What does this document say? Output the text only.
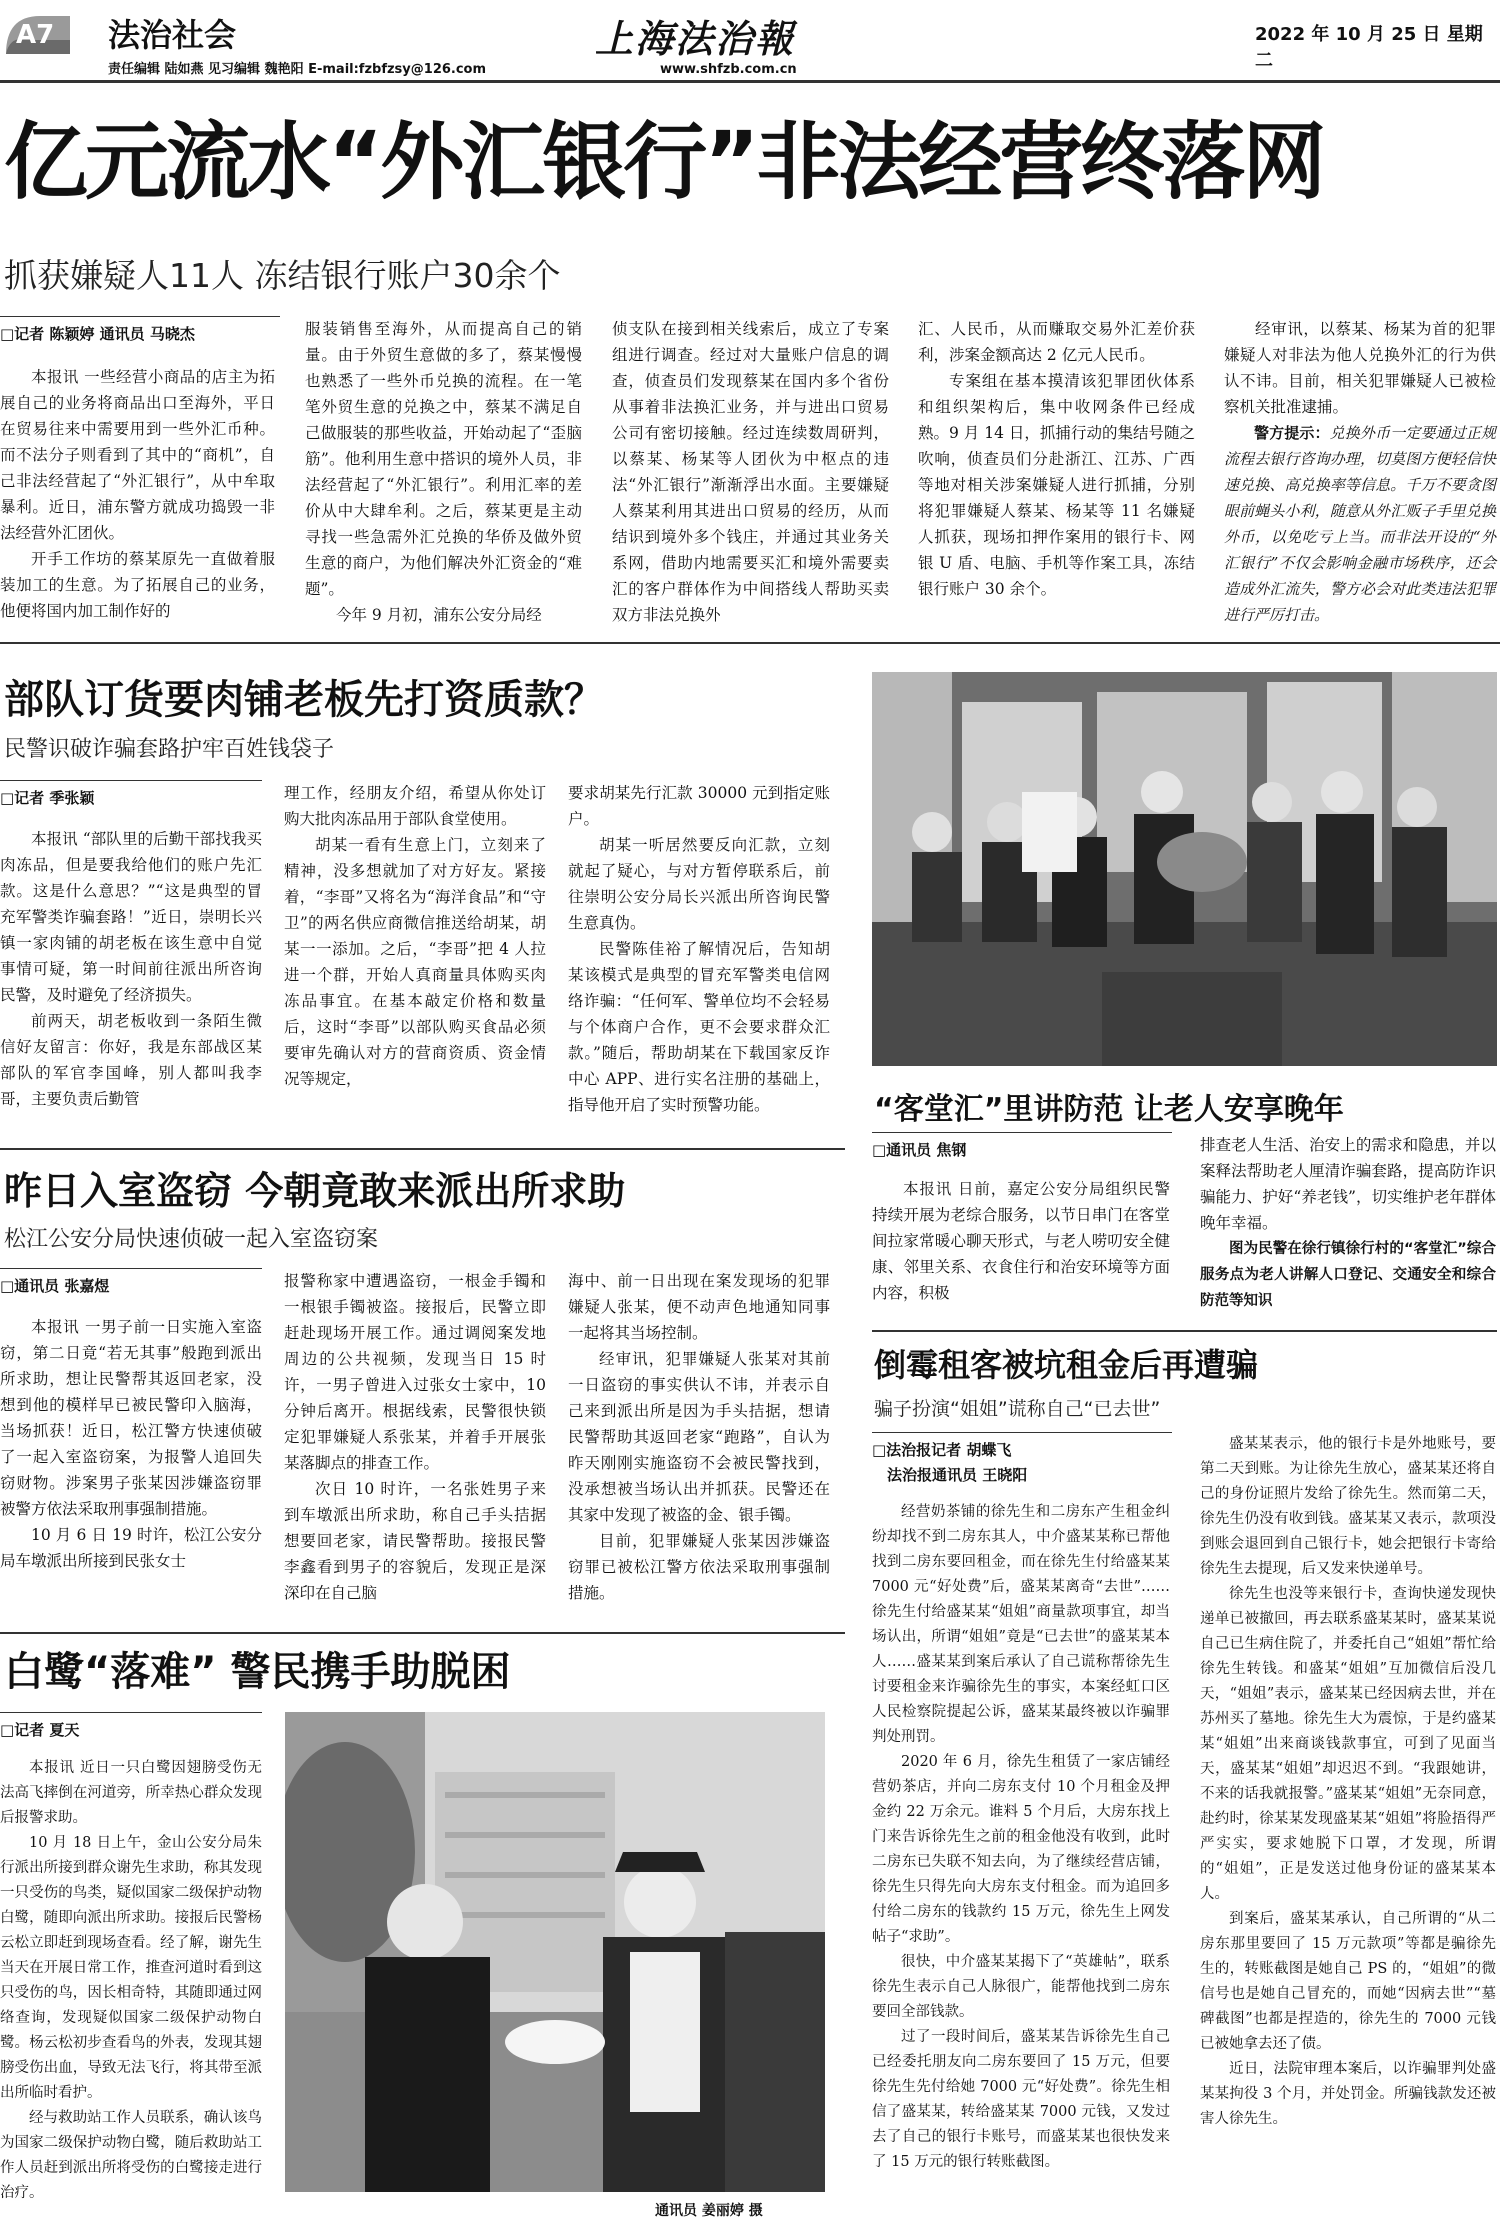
A7 法治社会
责任编辑 陆如燕 见习编辑 魏艳阳 E-mail:fzbfzsy@126.com
上海法治報
www.shfzb.com.cn
2022 年 10 月 25 日 星期二
亿元流水“外汇银行”非法经营终落网
抓获嫌疑人11人 冻结银行账户30余个
□记者 陈颖婷 通讯员 马晓杰

本报讯 一些经营小商品的店主为拓展自己的业务将商品出口至海外，平日在贸易往来中需要用到一些外汇币种。而不法分子则看到了其中的“商机”，自己非法经营起了“外汇银行”，从中牟取暴利。近日，浦东警方就成功捣毁一非法经营外汇团伙。

开手工作坊的蔡某原先一直做着服装加工的生意。为了拓展自己的业务，他便将国内加工制作好的

服装销售至海外，从而提高自己的销量。由于外贸生意做的多了，蔡某慢慢也熟悉了一些外币兑换的流程。在一笔笔外贸生意的兑换之中，蔡某不满足自己做服装的那些收益，开始动起了“歪脑筋”。他利用生意中搭识的境外人员，非法经营起了“外汇银行”。利用汇率的差价从中大肆牟利。之后，蔡某更是主动寻找一些急需外汇兑换的华侨及做外贸生意的商户，为他们解决外汇资金的“难题”。

今年 9 月初，浦东公安分局经

侦支队在接到相关线索后，成立了专案组进行调查。经过对大量账户信息的调查，侦查员们发现蔡某在国内多个省份从事着非法换汇业务，并与进出口贸易公司有密切接触。经过连续数周研判，以蔡某、杨某等人团伙为中枢点的违法“外汇银行”渐渐浮出水面。主要嫌疑人蔡某利用其进出口贸易的经历，从而结识到境外多个钱庄，并通过其业务关系网，借助内地需要买汇和境外需要卖汇的客户群体作为中间搭线人帮助买卖双方非法兑换外

汇、人民币，从而赚取交易外汇差价获利，涉案金额高达 2 亿元人民币。

专案组在基本摸清该犯罪团伙体系和组织架构后，集中收网条件已经成熟。9 月 14 日，抓捕行动的集结号随之吹响，侦查员们分赴浙江、江苏、广西等地对相关涉案嫌疑人进行抓捕，分别将犯罪嫌疑人蔡某、杨某等 11 名嫌疑人抓获，现场扣押作案用的银行卡、网银 U 盾、电脑、手机等作案工具，冻结银行账户 30 余个。

经审讯，以蔡某、杨某为首的犯罪嫌疑人对非法为他人兑换外汇的行为供认不讳。目前，相关犯罪嫌疑人已被检察机关批准逮捕。

警方提示：兑换外币一定要通过正规流程去银行咨询办理，切莫图方便轻信快速兑换、高兑换率等信息。千万不要贪图眼前蝇头小利，随意从外汇贩子手里兑换外币，以免吃亏上当。而非法开设的“外汇银行”不仅会影响金融市场秩序，还会造成外汇流失，警方必会对此类违法犯罪进行严厉打击。
部队订货要肉铺老板先打资质款？
民警识破诈骗套路护牢百姓钱袋子
□记者 季张颖

本报讯 “部队里的后勤干部找我买肉冻品，但是要我给他们的账户先汇款。这是什么意思？”“这是典型的冒充军警类诈骗套路！”近日，崇明长兴镇一家肉铺的胡老板在该生意中自觉事情可疑，第一时间前往派出所咨询民警，及时避免了经济损失。

前两天，胡老板收到一条陌生微信好友留言：你好，我是东部战区某部队的军官李国峰，别人都叫我李哥，主要负责后勤管

理工作，经朋友介绍，希望从你处订购大批肉冻品用于部队食堂使用。

胡某一看有生意上门，立刻来了精神，没多想就加了对方好友。紧接着，“李哥”又将名为“海洋食品”和“守卫”的两名供应商微信推送给胡某，胡某一一添加。之后，“李哥”把 4 人拉进一个群，开始人真商量具体购买肉冻品事宜。在基本敲定价格和数量后，这时“李哥”以部队购买食品必须要审先确认对方的营商资质、资金情况等规定，

要求胡某先行汇款 30000 元到指定账户。

胡某一听居然要反向汇款，立刻就起了疑心，与对方暂停联系后，前往崇明公安分局长兴派出所咨询民警生意真伪。

民警陈佳裕了解情况后，告知胡某该模式是典型的冒充军警类电信网络诈骗：“任何军、警单位均不会轻易与个体商户合作，更不会要求群众汇款。”随后，帮助胡某在下载国家反诈中心 APP、进行实名注册的基础上，指导他开启了实时预警功能。	“客堂汇”里讲防范 让老人安享晚年
□通讯员 焦钢

本报讯 日前，嘉定公安分局组织民警持续开展为老综合服务，以节日串门在客堂间拉家常暖心聊天形式，与老人唠叨安全健康、邻里关系、衣食住行和治安环境等方面内容，积极

排查老人生活、治安上的需求和隐患，并以案释法帮助老人厘清诈骗套路，提高防诈识骗能力、护好“养老钱”，切实维护老年群体晚年幸福。

图为民警在徐行镇徐行村的“客堂汇”综合服务点为老人讲解人口登记、交通安全和综合防范等知识

昨日入室盗窃 今朝竟敢来派出所求助
松江公安分局快速侦破一起入室盗窃案
□通讯员 张嘉煜

本报讯 一男子前一日实施入室盗窃，第二日竟“若无其事”般跑到派出所求助，想让民警帮其返回老家，没想到他的模样早已被民警印入脑海，当场抓获！近日，松江警方快速侦破了一起入室盗窃案，为报警人追回失窃财物。涉案男子张某因涉嫌盗窃罪被警方依法采取刑事强制措施。

10 月 6 日 19 时许，松江公安分局车墩派出所接到民张女士

报警称家中遭遇盗窃，一根金手镯和一根银手镯被盗。接报后，民警立即赶赴现场开展工作。通过调阅案发地周边的公共视频，发现当日 15 时许，一男子曾进入过张女士家中，10 分钟后离开。根据线索，民警很快锁定犯罪嫌疑人系张某，并着手开展张某落脚点的排查工作。

次日 10 时许，一名张姓男子来到车墩派出所求助，称自己手头拮据想要回老家，请民警帮助。接报民警李鑫看到男子的容貌后，发现正是深深印在自己脑

海中、前一日出现在案发现场的犯罪嫌疑人张某，便不动声色地通知同事一起将其当场控制。

经审讯，犯罪嫌疑人张某对其前一日盗窃的事实供认不讳，并表示自己来到派出所是因为手头拮据，想请民警帮助其返回老家“跑路”，自认为昨天刚刚实施盗窃不会被民警找到，没承想被当场认出并抓获。民警还在其家中发现了被盗的金、银手镯。

目前，犯罪嫌疑人张某因涉嫌盗窃罪已被松江警方依法采取刑事强制措施。

倒霉租客被坑租金后再遭骗
骗子扮演“姐姐”谎称自己“已去世”
□法治报记者 胡蝶飞
法治报通讯员 王晓阳

经营奶茶铺的徐先生和二房东产生租金纠纷却找不到二房东其人，中介盛某某称已帮他找到二房东要回租金，而在徐先生付给盛某某 7000 元“好处费”后，盛某某离奇“去世”……徐先生付给盛某某“姐姐”商量款项事宜，却当场认出，所谓“姐姐”竟是“已去世”的盛某某本人……盛某某到案后承认了自己谎称帮徐先生讨要租金来诈骗徐先生的事实，本案经虹口区人民检察院提起公诉，盛某某最终被以诈骗罪判处刑罚。

2020 年 6 月，徐先生租赁了一家店铺经营奶茶店，并向二房东支付 10 个月租金及押金约 22 万余元。谁料 5 个月后，大房东找上门来告诉徐先生之前的租金他没有收到，此时二房东已失联不知去向，为了继续经营店铺，徐先生只得先向大房东支付租金。而为追回多付给二房东的钱款约 15 万元，徐先生上网发帖子“求助”。

很快，中介盛某某揭下了“英雄帖”，联系徐先生表示自己人脉很广，能帮他找到二房东要回全部钱款。

过了一段时间后，盛某某告诉徐先生自己已经委托朋友向二房东要回了 15 万元，但要徐先生先付给她 7000 元“好处费”。徐先生相信了盛某某，转给盛某某 7000 元钱，又发过去了自己的银行卡账号，而盛某某也很快发来了 15 万元的银行转账截图。

盛某某表示，他的银行卡是外地账号，要第二天到账。为让徐先生放心，盛某某还将自己的身份证照片发给了徐先生。然而第二天，徐先生仍没有收到钱。盛某某又表示，款项没到账会退回到自己银行卡，她会把银行卡寄给徐先生去提现，后又发来快递单号。

徐先生也没等来银行卡，查询快递发现快递单已被撤回，再去联系盛某某时，盛某某说自己已生病住院了，并委托自己“姐姐”帮忙给徐先生转钱。和盛某“姐姐”互加微信后没几天，“姐姐”表示，盛某某已经因病去世，并在苏州买了墓地。徐先生大为震惊，于是约盛某某“姐姐”出来商谈钱款事宜，可到了见面当天，盛某某“姐姐”却迟迟不到。“我跟她讲，不来的话我就报警。”盛某某“姐姐”无奈同意，赴约时，徐某某发现盛某某“姐姐”将脸捂得严严实实，要求她脱下口罩，才发现，所谓的“姐姐”，正是发送过他身份证的盛某某本人。

到案后，盛某某承认，自己所谓的“从二房东那里要回了 15 万元款项”等都是骗徐先生的，转账截图是她自己 PS 的，“姐姐”的微信号也是她自己冒充的，而她“因病去世”“墓碑截图”也都是捏造的，徐先生的 7000 元钱已被她拿去还了债。

近日，法院审理本案后，以诈骗罪判处盛某某拘役 3 个月，并处罚金。所骗钱款发还被害人徐先生。

白鹭“落难” 警民携手助脱困
□记者 夏天

本报讯 近日一只白鹭因翅膀受伤无法高飞摔倒在河道旁，所幸热心群众发现后报警求助。

10 月 18 日上午，金山公安分局朱行派出所接到群众谢先生求助，称其发现一只受伤的鸟类，疑似国家二级保护动物白鹭，随即向派出所求助。接报后民警杨云松立即赶到现场查看。经了解，谢先生当天在开展日常工作，推查河道时看到这只受伤的鸟，因长相奇特，其随即通过网络查询，发现疑似国家二级保护动物白鹭。杨云松初步查看鸟的外表，发现其翅膀受伤出血，导致无法飞行，将其带至派出所临时看护。

经与救助站工作人员联系，确认该鸟为国家二级保护动物白鹭，随后救助站工作人员赶到派出所将受伤的白鹭接走进行治疗。

通讯员 姜丽婷 摄
